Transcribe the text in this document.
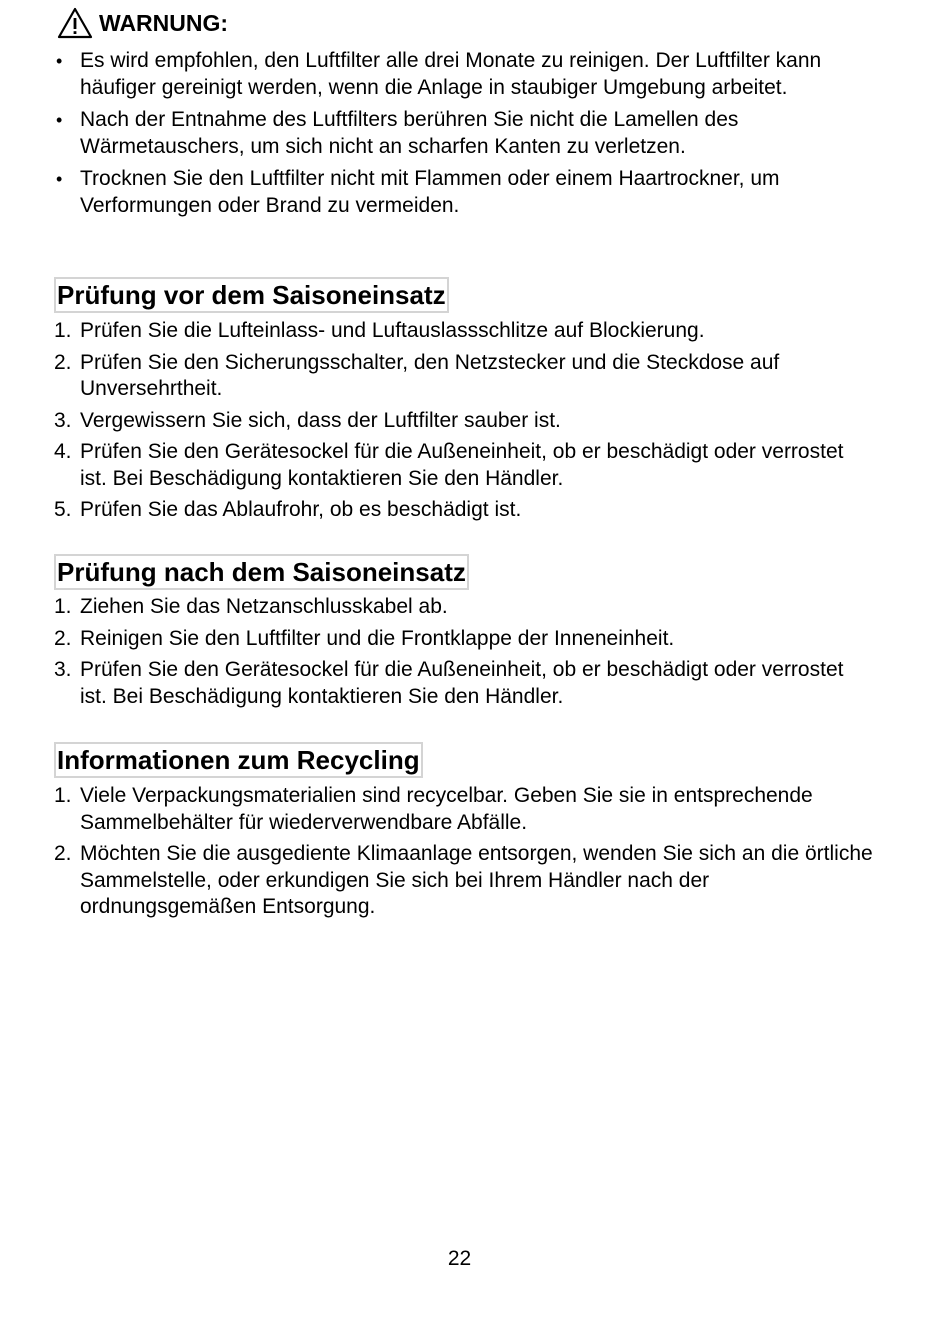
WARNUNG:
• Es wird empfohlen, den Luftfilter alle drei Monate zu reinigen. Der Luftfilter kann häufiger gereinigt werden, wenn die Anlage in staubiger Umgebung arbeitet.
• Nach der Entnahme des Luftfilters berühren Sie nicht die Lamellen des Wärmetauschers, um sich nicht an scharfen Kanten zu verletzen.
• Trocknen Sie den Luftfilter nicht mit Flammen oder einem Haartrockner, um Verformungen oder Brand zu vermeiden.
Prüfung vor dem Saisoneinsatz
1. Prüfen Sie die Lufteinlass- und Luftauslassschlitze auf Blockierung.
2. Prüfen Sie den Sicherungsschalter, den Netzstecker und die Steckdose auf Unversehrtheit.
3. Vergewissern Sie sich, dass der Luftfilter sauber ist.
4. Prüfen Sie den Gerätesockel für die Außeneinheit, ob er beschädigt oder verrostet ist. Bei Beschädigung kontaktieren Sie den Händler.
5. Prüfen Sie das Ablaufrohr, ob es beschädigt ist.
Prüfung nach dem Saisoneinsatz
1. Ziehen Sie das Netzanschlusskabel ab.
2. Reinigen Sie den Luftfilter und die Frontklappe der Inneneinheit.
3. Prüfen Sie den Gerätesockel für die Außeneinheit, ob er beschädigt oder verrostet ist. Bei Beschädigung kontaktieren Sie den Händler.
Informationen zum Recycling
1. Viele Verpackungsmaterialien sind recycelbar. Geben Sie sie in entsprechende Sammelbehälter für wiederverwendbare Abfälle.
2. Möchten Sie die ausgediente Klimaanlage entsorgen, wenden Sie sich an die örtliche Sammelstelle, oder erkundigen Sie sich bei Ihrem Händler nach der ordnungsgemäßen Entsorgung.
22
